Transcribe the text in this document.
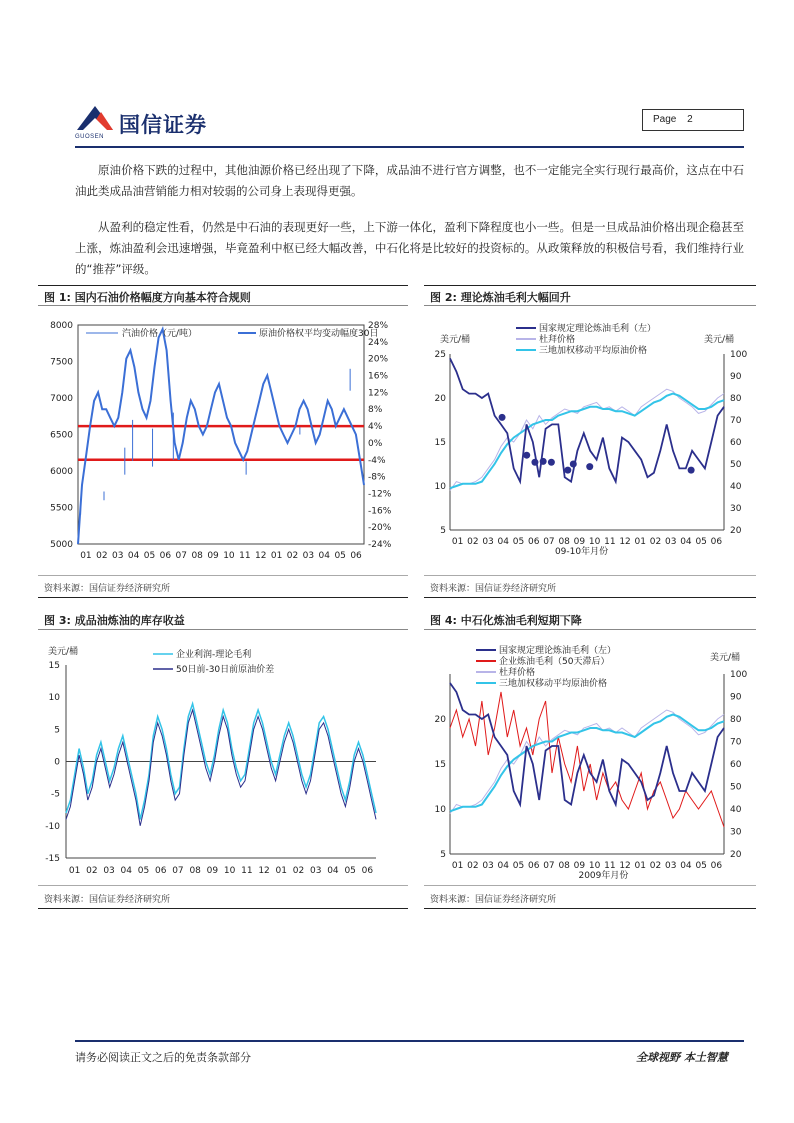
国信证券
GUOSEN
Page 2
原油价格下跌的过程中，其他油源价格已经出现了下降，成品油不进行官方调整，也不一定能完全实行现行最高价，这点在中石油此类成品油营销能力相对较弱的公司身上表现得更强。
从盈利的稳定性看，仍然是中石油的表现更好一些，上下游一体化，盈利下降程度也小一些。但是一旦成品油价格出现企稳甚至上涨，炼油盈利会迅速增强，毕竟盈利中枢已经大幅改善，中石化将是比较好的投资标的。从政策释放的积极信号看，我们维持行业的“推荐”评级。
图 1: 国内石油价格幅度方向基本符合规则	图 2: 理论炼油毛利大幅回升
图 3: 成品油炼油的库存收益	图 4: 中石化炼油毛利短期下降
8000
7500
7000
6500
6000
5500
5000
28%
24%
20%
16%
12%
8%
4%
0%
-4%
-8%
-12%
-16%
-20%
-24%
01 02 03 04 05 06 07 08 09 10 11 12 01 02 03 04 05 06
汽油价格（元/吨）	原油价格权平均变动幅度30日
25
20
15
10
5
100
90
80
70
60
50
40
30
20
01 02 03 04 05 06 07 08 09 10 11 12 01 02 03 04 05 06
09-10年月份
美元/桶	美元/桶
国家规定理论炼油毛利（左）
杜拜价格
三地加权移动平均原油价格
15
10
5
0
-5
-10
-15
01 02 03 04 05 06 07 08 09 10 11 12 01 02 03 04 05 06
美元/桶	企业利润-理论毛利
50日前-30日前原油价差
20
15
10
5
100
90
80
70
60
50
40
30
20
01 02 03 04 05 06 07 08 09 10 11 12 01 02 03 04 05 06
2009年月份
美元/桶
国家规定理论炼油毛利（左）
企业炼油毛利（50天滞后）
杜拜价格
三地加权移动平均原油价格
资料来源：国信证券经济研究所	资料来源：国信证券经济研究所
资料来源：国信证券经济研究所	资料来源：国信证券经济研究所
请务必阅读正文之后的免责条款部分	全球视野 本土智慧
